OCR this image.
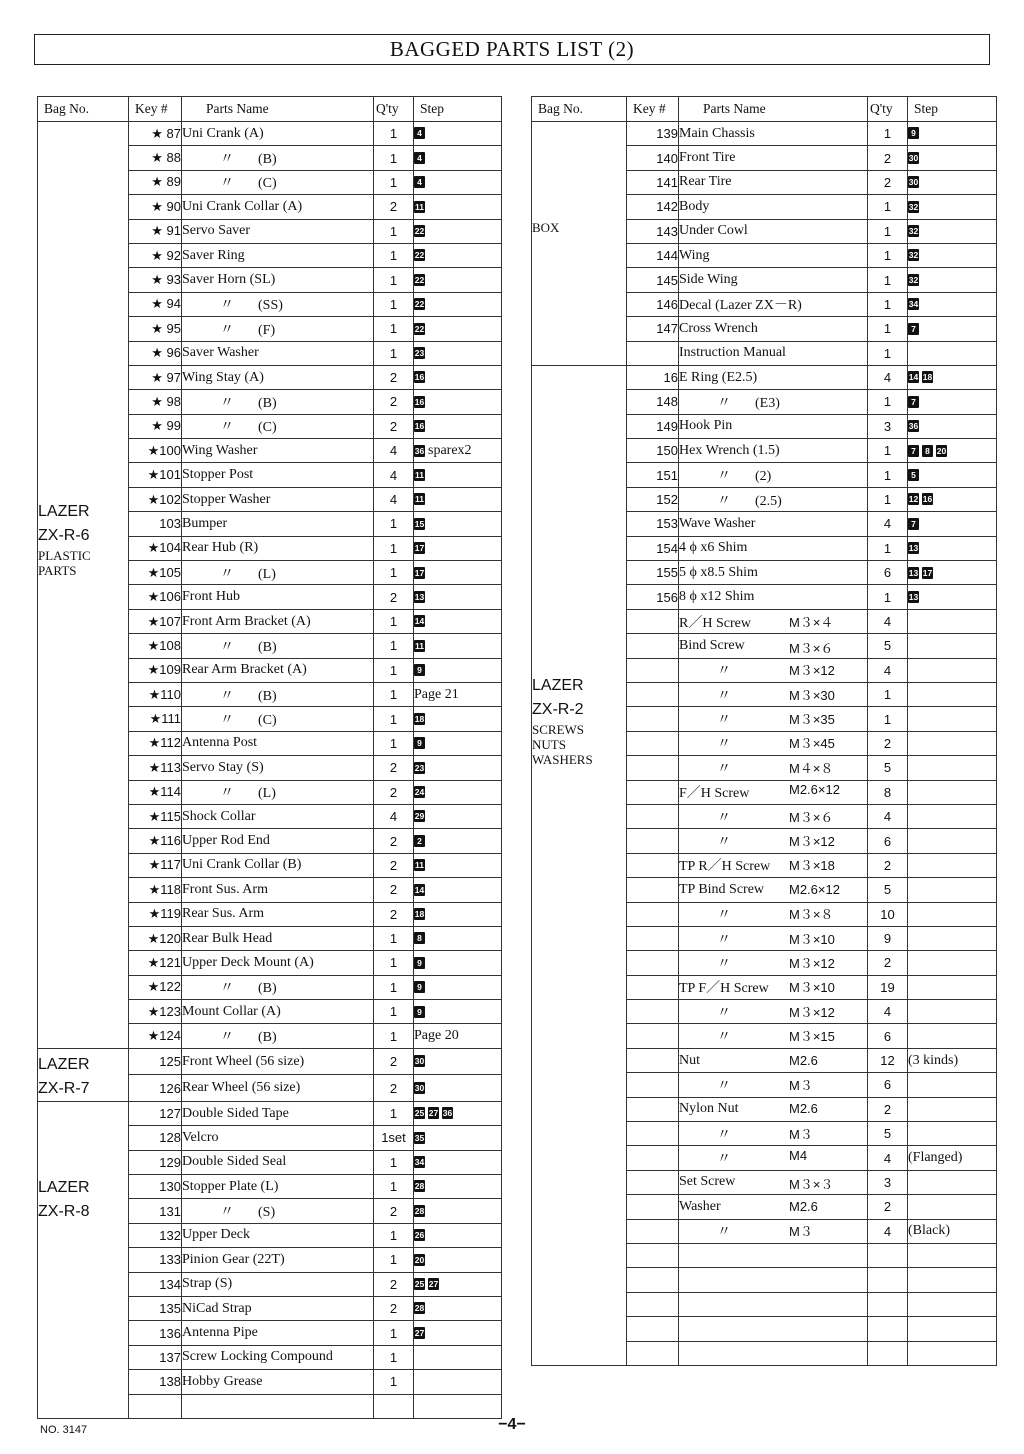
BAGGED PARTS LIST (2)
Bag No.	Key #	Parts Name	Q'ty	Step

LAZER
ZX-R-6
PLASTIC
PARTS	★ 87	Uni Crank (A)	1	4
	★ 88	〃 (B)	1	4
	★ 89	〃 (C)	1	4
	★ 90	Uni Crank Collar (A)	2	11
	★ 91	Servo Saver	1	22
	★ 92	Saver Ring	1	22
	★ 93	Saver Horn (SL)	1	22
	★ 94	〃 (SS)	1	22
	★ 95	〃 (F)	1	22
	★ 96	Saver Washer	1	23
	★ 97	Wing Stay (A)	2	16
	★ 98	〃 (B)	2	16
	★ 99	〃 (C)	2	16
	★100	Wing Washer	4	36 sparex2
	★101	Stopper Post	4	11
	★102	Stopper Washer	4	11
	103	Bumper	1	15
	★104	Rear Hub (R)	1	17
	★105	〃 (L)	1	17
	★106	Front Hub	2	13
	★107	Front Arm Bracket (A)	1	14
	★108	〃 (B)	1	11
	★109	Rear Arm Bracket (A)	1	9
	★110	〃 (B)	1	Page 21
	★111	〃 (C)	1	18
	★112	Antenna Post	1	9
	★113	Servo Stay (S)	2	23
	★114	〃 (L)	2	24
	★115	Shock Collar	4	29
	★116	Upper Rod End	2	2
	★117	Uni Crank Collar (B)	2	11
	★118	Front Sus. Arm	2	14
	★119	Rear Sus. Arm	2	18
	★120	Rear Bulk Head	1	8
	★121	Upper Deck Mount (A)	1	9
	★122	〃 (B)	1	9
	★123	Mount Collar (A)	1	9
	★124	〃 (B)	1	Page 20

LAZER
ZX-R-7	125	Front Wheel (56 size)	2	30
	126	Rear Wheel (56 size)	2	30

LAZER
ZX-R-8	127	Double Sided Tape	1	25 27 36
	128	Velcro	1set	35
	129	Double Sided Seal	1	34
	130	Stopper Plate (L)	1	28
	131	〃 (S)	2	28
	132	Upper Deck	1	26
	133	Pinion Gear (22T)	1	20
	134	Strap (S)	2	25 27
	135	NiCad Strap	2	28
	136	Antenna Pipe	1	27
	137	Screw Locking Compound	1	
	138	Hobby Grease	1	

Bag No.	Key #	Parts Name	Q'ty	Step

BOX	139	Main Chassis	1	9
	140	Front Tire	2	30
	141	Rear Tire	2	30
	142	Body	1	32
	143	Under Cowl	1	32
	144	Wing	1	32
	145	Side Wing	1	32
	146	Decal (Lazer ZX－R)	1	34
	147	Cross Wrench	1	7
		Instruction Manual	1	

LAZER
ZX-R-2
SCREWS
NUTS
WASHERS	16	E Ring (E2.5)	4	14 18
	148	〃 (E3)	1	7
	149	Hook Pin	3	36
	150	Hex Wrench (1.5)	1	7 8 20
	151	〃 (2)	1	5
	152	〃 (2.5)	1	12 16
	153	Wave Washer	4	7
	154	4 ϕ x6 Shim	1	13
	155	5 ϕ x8.5 Shim	6	13 17
	156	8 ϕ x12 Shim	1	13
		R／H Screw M３×４	4	
		Bind Screw M３×６	5	
		〃 M３×12	4	
		〃 M３×30	1	
		〃 M３×35	1	
		〃 M３×45	2	
		〃 M４×８	5	
		F／H Screw M2.6×12	8	
		〃 M３×６	4	
		〃 M３×12	6	
		TP R／H Screw M３×18	2	
		TP Bind Screw M2.6×12	5	
		〃 M３×８	10	
		〃 M３×10	9	
		〃 M３×12	2	
		TP F／H Screw M３×10	19	
		〃 M３×12	4	
		〃 M３×15	6	
		Nut M2.6	12	(3 kinds)
		〃 M３	6	
		Nylon Nut M2.6	2	
		〃 M３	5	
		〃 M4	4	(Flanged)
		Set Screw M３×３	3	
		Washer M2.6	2	
		〃 M３	4	(Black)

NO. 3147	−4−
